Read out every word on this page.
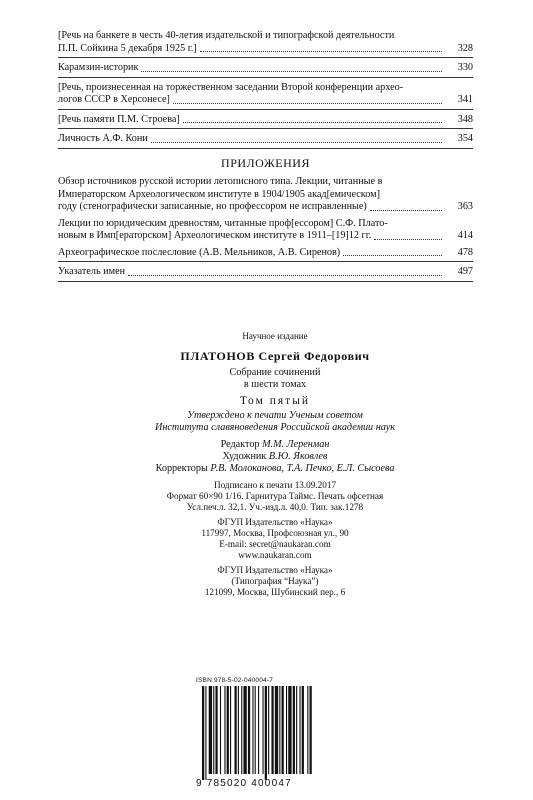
[Речь на банкете в честь 40-летия издательской и типографской деятельности
П.П. Сойкина 5 декабря 1925 г.]	328
Карамзин-историк	330
[Речь, произнесенная на торжественном заседании Второй конференции архео-
логов СССР в Херсонесе]	341
[Речь памяти П.М. Строева]	348
Личность А.Ф. Кони	354
ПРИЛОЖЕНИЯ
Обзор источников русской истории летописного типа. Лекции, читанные в
Императорском Археологическом институте в 1904/1905 акад[емическом]
году (стенографически записанные, но профессором не исправленные)	363
Лекции по юридическим древностям, читанные проф[ессором] С.Ф. Плато-
новым в Имп[ераторском] Археологическом институте в 1911–[19]12 гг.	414
Археографическое послесловие (А.В. Мельников, А.В. Сиренов)	478
Указатель имен	497
Научное издание
ПЛАТОНОВ Сергей Федорович
Собрание сочинений
в шести томах
Том пятый
Утверждено к печати Ученым советом
Института славяноведения Российской академии наук
Редактор М.М. Леренман
Художник В.Ю. Яковлев
Корректоры Р.В. Молоканова, Т.А. Печко, Е.Л. Сысоева
Подписано к печати 13.09.2017
Формат 60×90 1/16. Гарнитура Таймс. Печать офсетная
Усл.печ.л. 32,1. Уч.-изд.л. 40,0. Тип. зак.1278
ФГУП Издательство «Наука»
117997, Москва, Профсоюзная ул., 90
E-mail: secret@naukaran.com
www.naukaran.com
ФГУП Издательство «Наука»
(Типография “Наука”)
121099, Москва, Шубинский пер., 6
ISBN 978-5-02-040004-7
9 785020 400047
